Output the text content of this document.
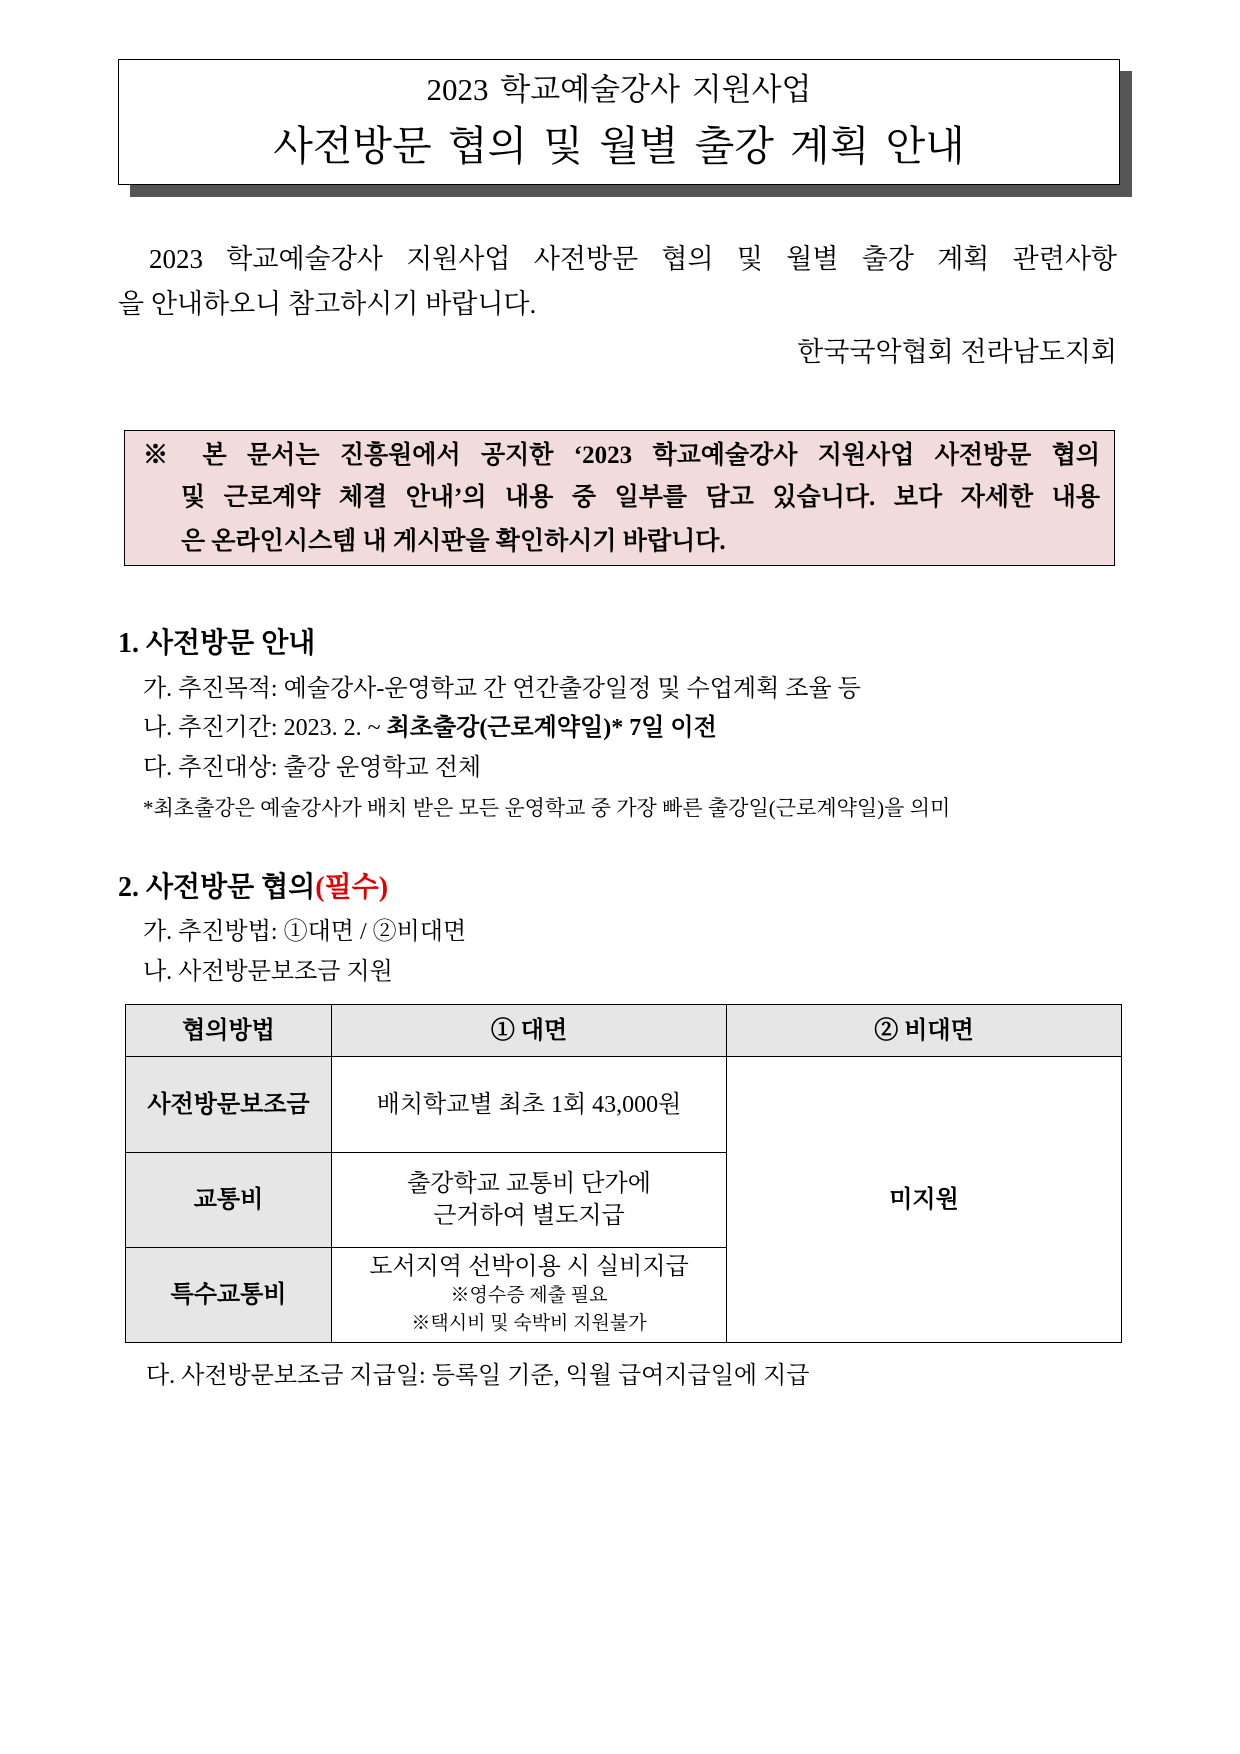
2023 학교예술강사 지원사업
사전방문 협의 및 월별 출강 계획 안내
2023 학교예술강사 지원사업 사전방문 협의 및 월별 출강 계획 관련사항
을 안내하오니 참고하시기 바랍니다.
한국국악협회 전라남도지회
※ 본 문서는 진흥원에서 공지한 ‘2023 학교예술강사 지원사업 사전방문 협의
및 근로계약 체결 안내’의 내용 중 일부를 담고 있습니다. 보다 자세한 내용
은 온라인시스템 내 게시판을 확인하시기 바랍니다.
1. 사전방문 안내
가. 추진목적: 예술강사-운영학교 간 연간출강일정 및 수업계획 조율 등
나. 추진기간: 2023. 2. ~ 최초출강(근로계약일)* 7일 이전
다. 추진대상: 출강 운영학교 전체
*최초출강은 예술강사가 배치 받은 모든 운영학교 중 가장 빠른 출강일(근로계약일)을 의미
2. 사전방문 협의(필수)
가. 추진방법: ①대면 / ②비대면
나. 사전방문보조금 지원
협의방법	① 대면	② 비대면
사전방문보조금	배치학교별 최초 1회 43,000원	미지원
교통비	출강학교 교통비 단가에
근거하여 별도지급	

특수교통비	도서지역 선박이용 시 실비지급
※영수증 제출 필요
※택시비 및 숙박비 지원불가	
다. 사전방문보조금 지급일: 등록일 기준, 익월 급여지급일에 지급
